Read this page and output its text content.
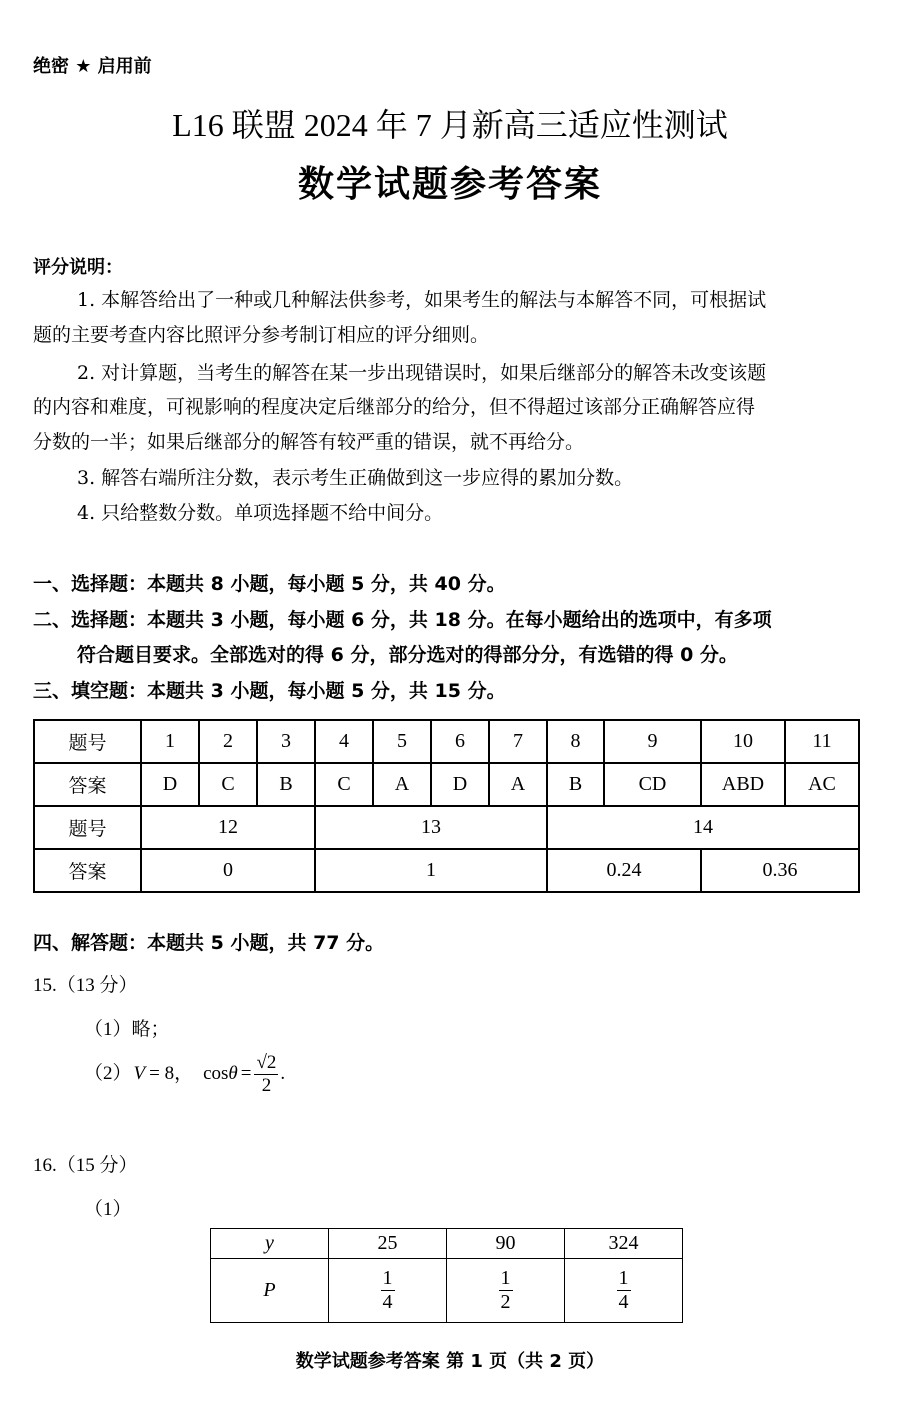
绝密 ★ 启用前
L16 联盟 2024 年 7 月新高三适应性测试
数学试题参考答案
评分说明：
1. 本解答给出了一种或几种解法供参考，如果考生的解法与本解答不同，可根据试
题的主要考查内容比照评分参考制订相应的评分细则。
2. 对计算题，当考生的解答在某一步出现错误时，如果后继部分的解答未改变该题
的内容和难度，可视影响的程度决定后继部分的给分，但不得超过该部分正确解答应得
分数的一半；如果后继部分的解答有较严重的错误，就不再给分。
3. 解答右端所注分数，表示考生正确做到这一步应得的累加分数。
4. 只给整数分数。单项选择题不给中间分。
一、选择题：本题共 8 小题，每小题 5 分，共 40 分。
二、选择题：本题共 3 小题，每小题 6 分，共 18 分。在每小题给出的选项中，有多项
符合题目要求。全部选对的得 6 分，部分选对的得部分分，有选错的得 0 分。
三、填空题：本题共 3 小题，每小题 5 分，共 15 分。
题号	1	2	3	4	5	6	7	8	9	10	11
答案	D	C	B	C	A	D	A	B	CD	ABD	AC
题号	12			13				14			
答案	0			1				0.24		0.36	
四、解答题：本题共 5 小题，共 77 分。
15.（13 分）
（1）略；
（2） V = 8， $\cos \theta = \frac{√2}{2}$ .
16.（15 分）
（1）
y	25	90	324
P	$\frac{1}{4}$	$\frac{1}{2}$	$\frac{1}{4}$
数学试题参考答案 第 1 页（共 2 页）
